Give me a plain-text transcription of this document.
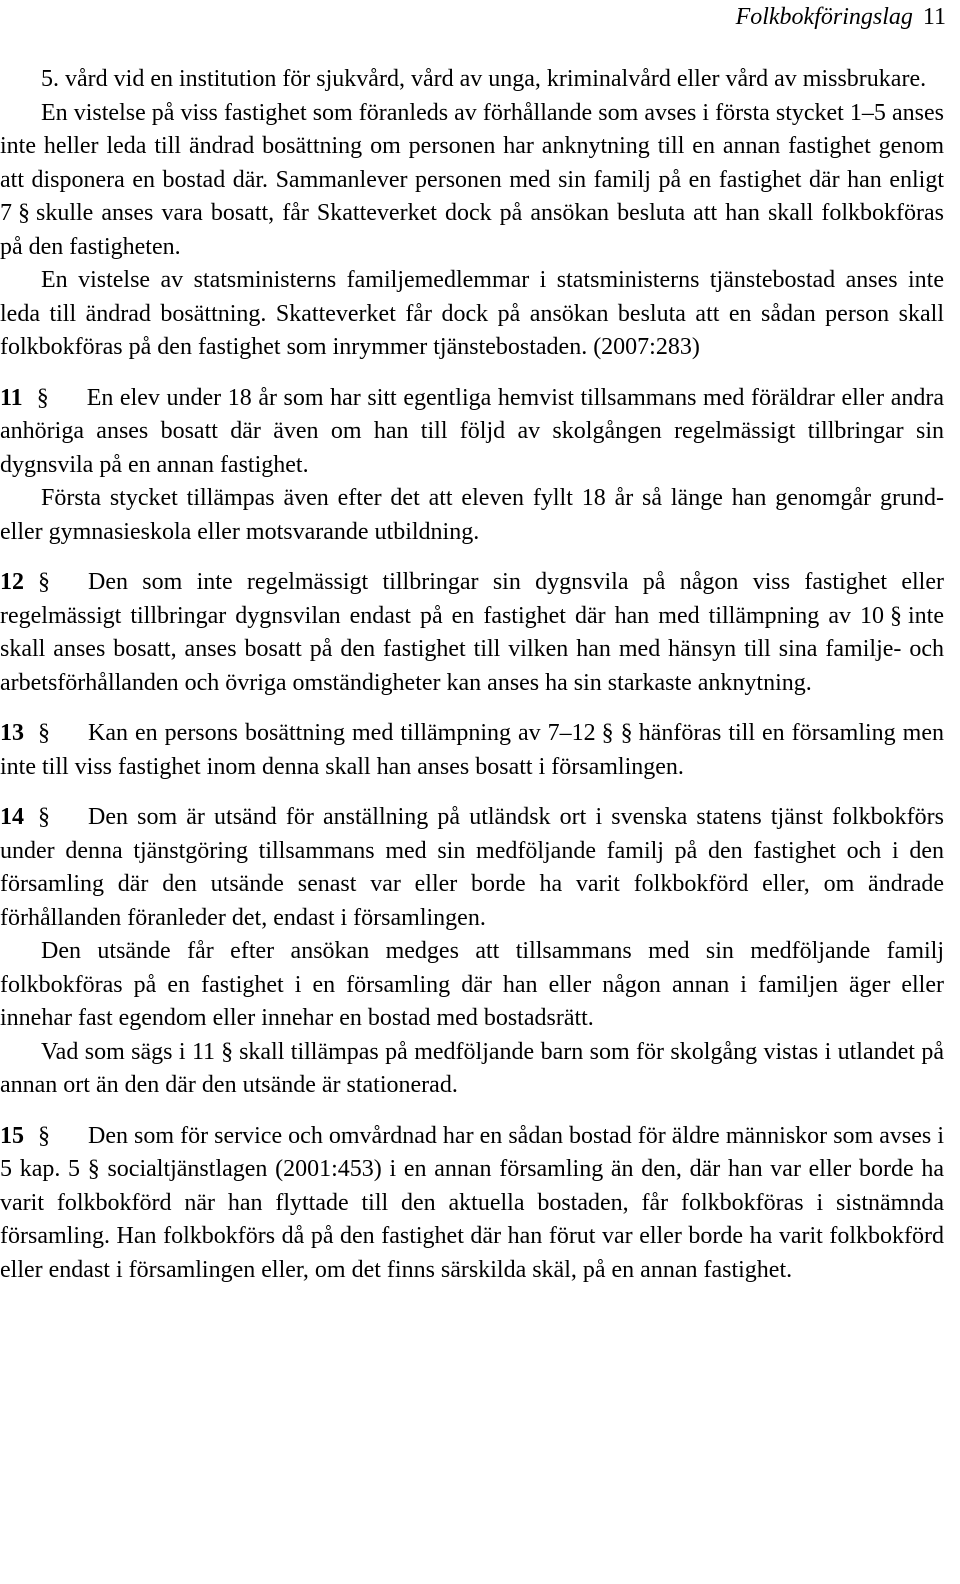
Folkbokföringslag 11

5. vård vid en institution för sjukvård, vård av unga, kriminalvård eller vård av missbrukare.

En vistelse på viss fastighet som föranleds av förhållande som avses i första stycket 1–5 anses inte heller leda till ändrad bosättning om personen har anknytning till en annan fastighet genom att disponera en bostad där. Sammanlever personen med sin familj på en fastighet där han enligt 7 § skulle anses vara bosatt, får Skatteverket dock på ansökan besluta att han skall folkbokföras på den fastigheten.

En vistelse av statsministerns familjemedlemmar i statsministerns tjänstebostad anses inte leda till ändrad bosättning. Skatteverket får dock på ansökan besluta att en sådan person skall folkbokföras på den fastighet som inrymmer tjänstebostaden. (2007:283)

11 § En elev under 18 år som har sitt egentliga hemvist tillsammans med föräldrar eller andra anhöriga anses bosatt där även om han till följd av skolgången regelmässigt tillbringar sin dygnsvila på en annan fastighet.

Första stycket tillämpas även efter det att eleven fyllt 18 år så länge han genomgår grund- eller gymnasieskola eller motsvarande utbildning.

12 § Den som inte regelmässigt tillbringar sin dygnsvila på någon viss fastighet eller regelmässigt tillbringar dygnsvilan endast på en fastighet där han med tillämpning av 10 § inte skall anses bosatt, anses bosatt på den fastighet till vilken han med hänsyn till sina familje- och arbetsförhållanden och övriga omständigheter kan anses ha sin starkaste anknytning.

13 § Kan en persons bosättning med tillämpning av 7–12 § § hänföras till en församling men inte till viss fastighet inom denna skall han anses bosatt i församlingen.

14 § Den som är utsänd för anställning på utländsk ort i svenska statens tjänst folkbokförs under denna tjänstgöring tillsammans med sin medföljande familj på den fastighet och i den församling där den utsände senast var eller borde ha varit folkbokförd eller, om ändrade förhållanden föranleder det, endast i församlingen.

Den utsände får efter ansökan medges att tillsammans med sin medföljande familj folkbokföras på en fastighet i en församling där han eller någon annan i familjen äger eller innehar fast egendom eller innehar en bostad med bostadsrätt.

Vad som sägs i 11 § skall tillämpas på medföljande barn som för skolgång vistas i utlandet på annan ort än den där den utsände är stationerad.

15 § Den som för service och omvårdnad har en sådan bostad för äldre människor som avses i 5 kap. 5 § socialtjänstlagen (2001:453) i en annan församling än den, där han var eller borde ha varit folkbokförd när han flyttade till den aktuella bostaden, får folkbokföras i sistnämnda församling. Han folkbokförs då på den fastighet där han förut var eller borde ha varit folkbokförd eller endast i församlingen eller, om det finns särskilda skäl, på en annan fastighet.
